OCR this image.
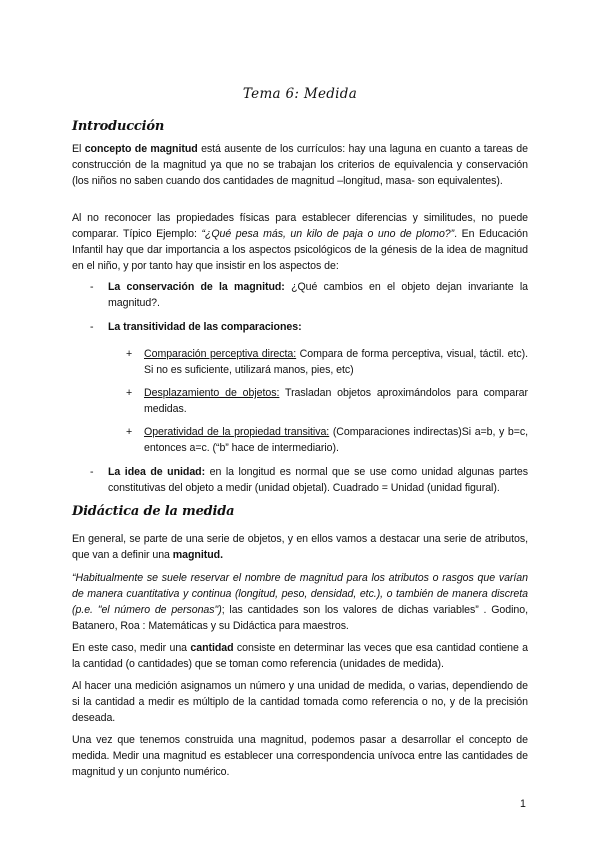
Tema 6: Medida
Introducción

El concepto de magnitud está ausente de los currículos: hay una laguna en cuanto a tareas de construcción de la magnitud ya que no se trabajan los criterios de equivalencia y conservación (los niños no saben cuando dos cantidades de magnitud –longitud, masa- son equivalentes).

Al no reconocer las propiedades físicas para establecer diferencias y similitudes, no puede comparar. Típico Ejemplo: “¿Qué pesa más, un kilo de paja o uno de plomo?”. En Educación Infantil hay que dar importancia a los aspectos psicológicos de la génesis de la idea de magnitud en el niño, y por tanto hay que insistir en los aspectos de:

- La conservación de la magnitud: ¿Qué cambios en el objeto dejan invariante la magnitud?.
- La transitividad de las comparaciones:
+ Comparación perceptiva directa: Compara de forma perceptiva, visual, táctil. etc). Si no es suficiente, utilizará manos, pies, etc)
+ Desplazamiento de objetos: Trasladan objetos aproximándolos para comparar medidas.
+ Operatividad de la propiedad transitiva: (Comparaciones indirectas)Si a=b, y b=c, entonces a=c. (“b” hace de intermediario).
- La idea de unidad: en la longitud es normal que se use como unidad algunas partes constitutivas del objeto a medir (unidad objetal). Cuadrado = Unidad (unidad figural).
Didáctica de la medida

En general, se parte de una serie de objetos, y en ellos vamos a destacar una serie de atributos, que van a definir una magnitud.

“Habitualmente se suele reservar el nombre de magnitud para los atributos o rasgos que varían de manera cuantitativa y continua (longitud, peso, densidad, etc.), o también de manera discreta (p.e. "el número de personas"); las cantidades son los valores de dichas variables” . Godino, Batanero, Roa : Matemáticas y su Didáctica para maestros.

En este caso, medir una cantidad consiste en determinar las veces que esa cantidad contiene a la cantidad (o cantidades) que se toman como referencia (unidades de medida).

Al hacer una medición asignamos un número y una unidad de medida, o varias, dependiendo de si la cantidad a medir es múltiplo de la cantidad tomada como referencia o no, y de la precisión deseada.

Una vez que tenemos construida una magnitud, podemos pasar a desarrollar el concepto de medida. Medir una magnitud es establecer una correspondencia unívoca entre las cantidades de magnitud y un conjunto numérico.

1
